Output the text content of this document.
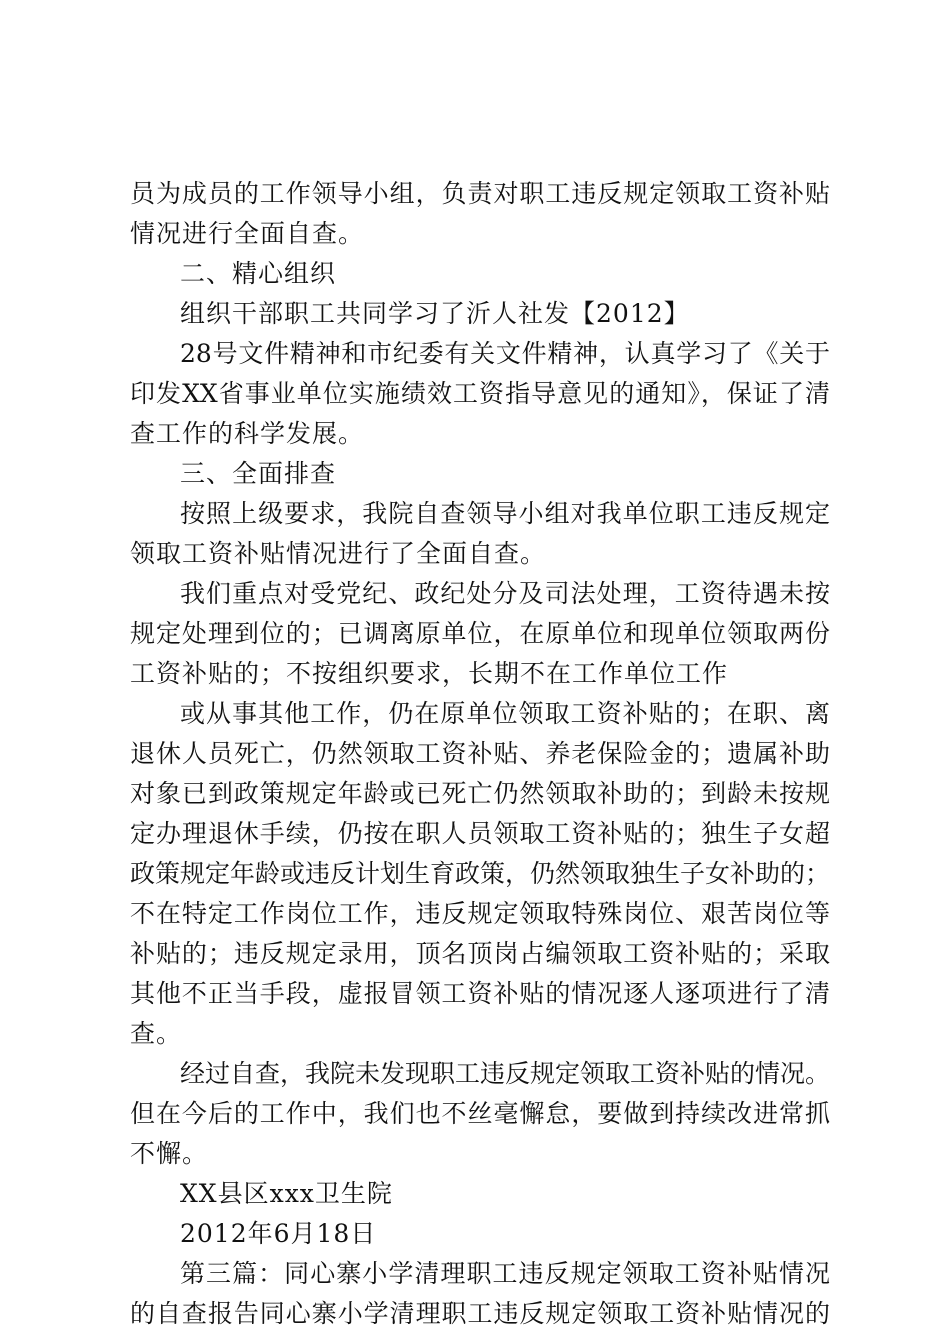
员为成员的工作领导小组，负责对职工违反规定领取工资补贴
情况进行全面自查。
二、精心组织
组织干部职工共同学习了沂人社发【2012】
28号文件精神和市纪委有关文件精神，认真学习了《关于
印发XX省事业单位实施绩效工资指导意见的通知》，保证了清
查工作的科学发展。
三、全面排查
按照上级要求，我院自查领导小组对我单位职工违反规定
领取工资补贴情况进行了全面自查。
我们重点对受党纪、政纪处分及司法处理，工资待遇未按
规定处理到位的；已调离原单位，在原单位和现单位领取两份
工资补贴的；不按组织要求，长期不在工作单位工作
或从事其他工作，仍在原单位领取工资补贴的；在职、离
退休人员死亡，仍然领取工资补贴、养老保险金的；遗属补助
对象已到政策规定年龄或已死亡仍然领取补助的；到龄未按规
定办理退休手续，仍按在职人员领取工资补贴的；独生子女超
政策规定年龄或违反计划生育政策，仍然领取独生子女补助的；
不在特定工作岗位工作，违反规定领取特殊岗位、艰苦岗位等
补贴的；违反规定录用，顶名顶岗占编领取工资补贴的；采取
其他不正当手段，虚报冒领工资补贴的情况逐人逐项进行了清
查。
经过自查，我院未发现职工违反规定领取工资补贴的情况。
但在今后的工作中，我们也不丝毫懈怠，要做到持续改进常抓
不懈。
XX县区xxx卫生院
2012年6月18日
第三篇：同心寨小学清理职工违反规定领取工资补贴情况
的自查报告同心寨小学清理职工违反规定领取工资补贴情况的
